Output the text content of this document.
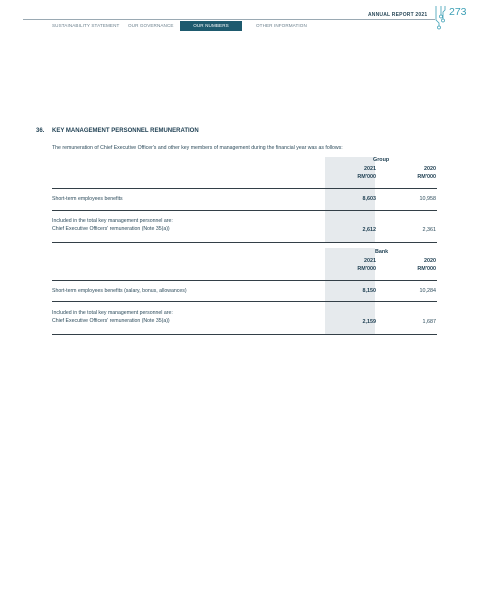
SUSTAINABILITY STATEMENT OUR GOVERNANCE	OUR NUMBERS	OTHER INFORMATION
ANNUAL REPORT 2021 273
36. KEY MANAGEMENT PERSONNEL REMUNERATION
The remuneration of Chief Executive Officer's and other key members of management during the financial year was as follows:
Group
2021	2020
RM'000	RM'000
Short-term employees benefits	8,603	10,958
Included in the total key management personnel are:
Chief Executive Officers' remuneration (Note 35(a))	2,612	2,361
Bank
2021	2020
RM'000	RM'000
Short-term employees benefits (salary, bonus, allowances)	8,150	10,284
Included in the total key management personnel are:
Chief Executive Officers' remuneration (Note 35(a))	2,159	1,687
